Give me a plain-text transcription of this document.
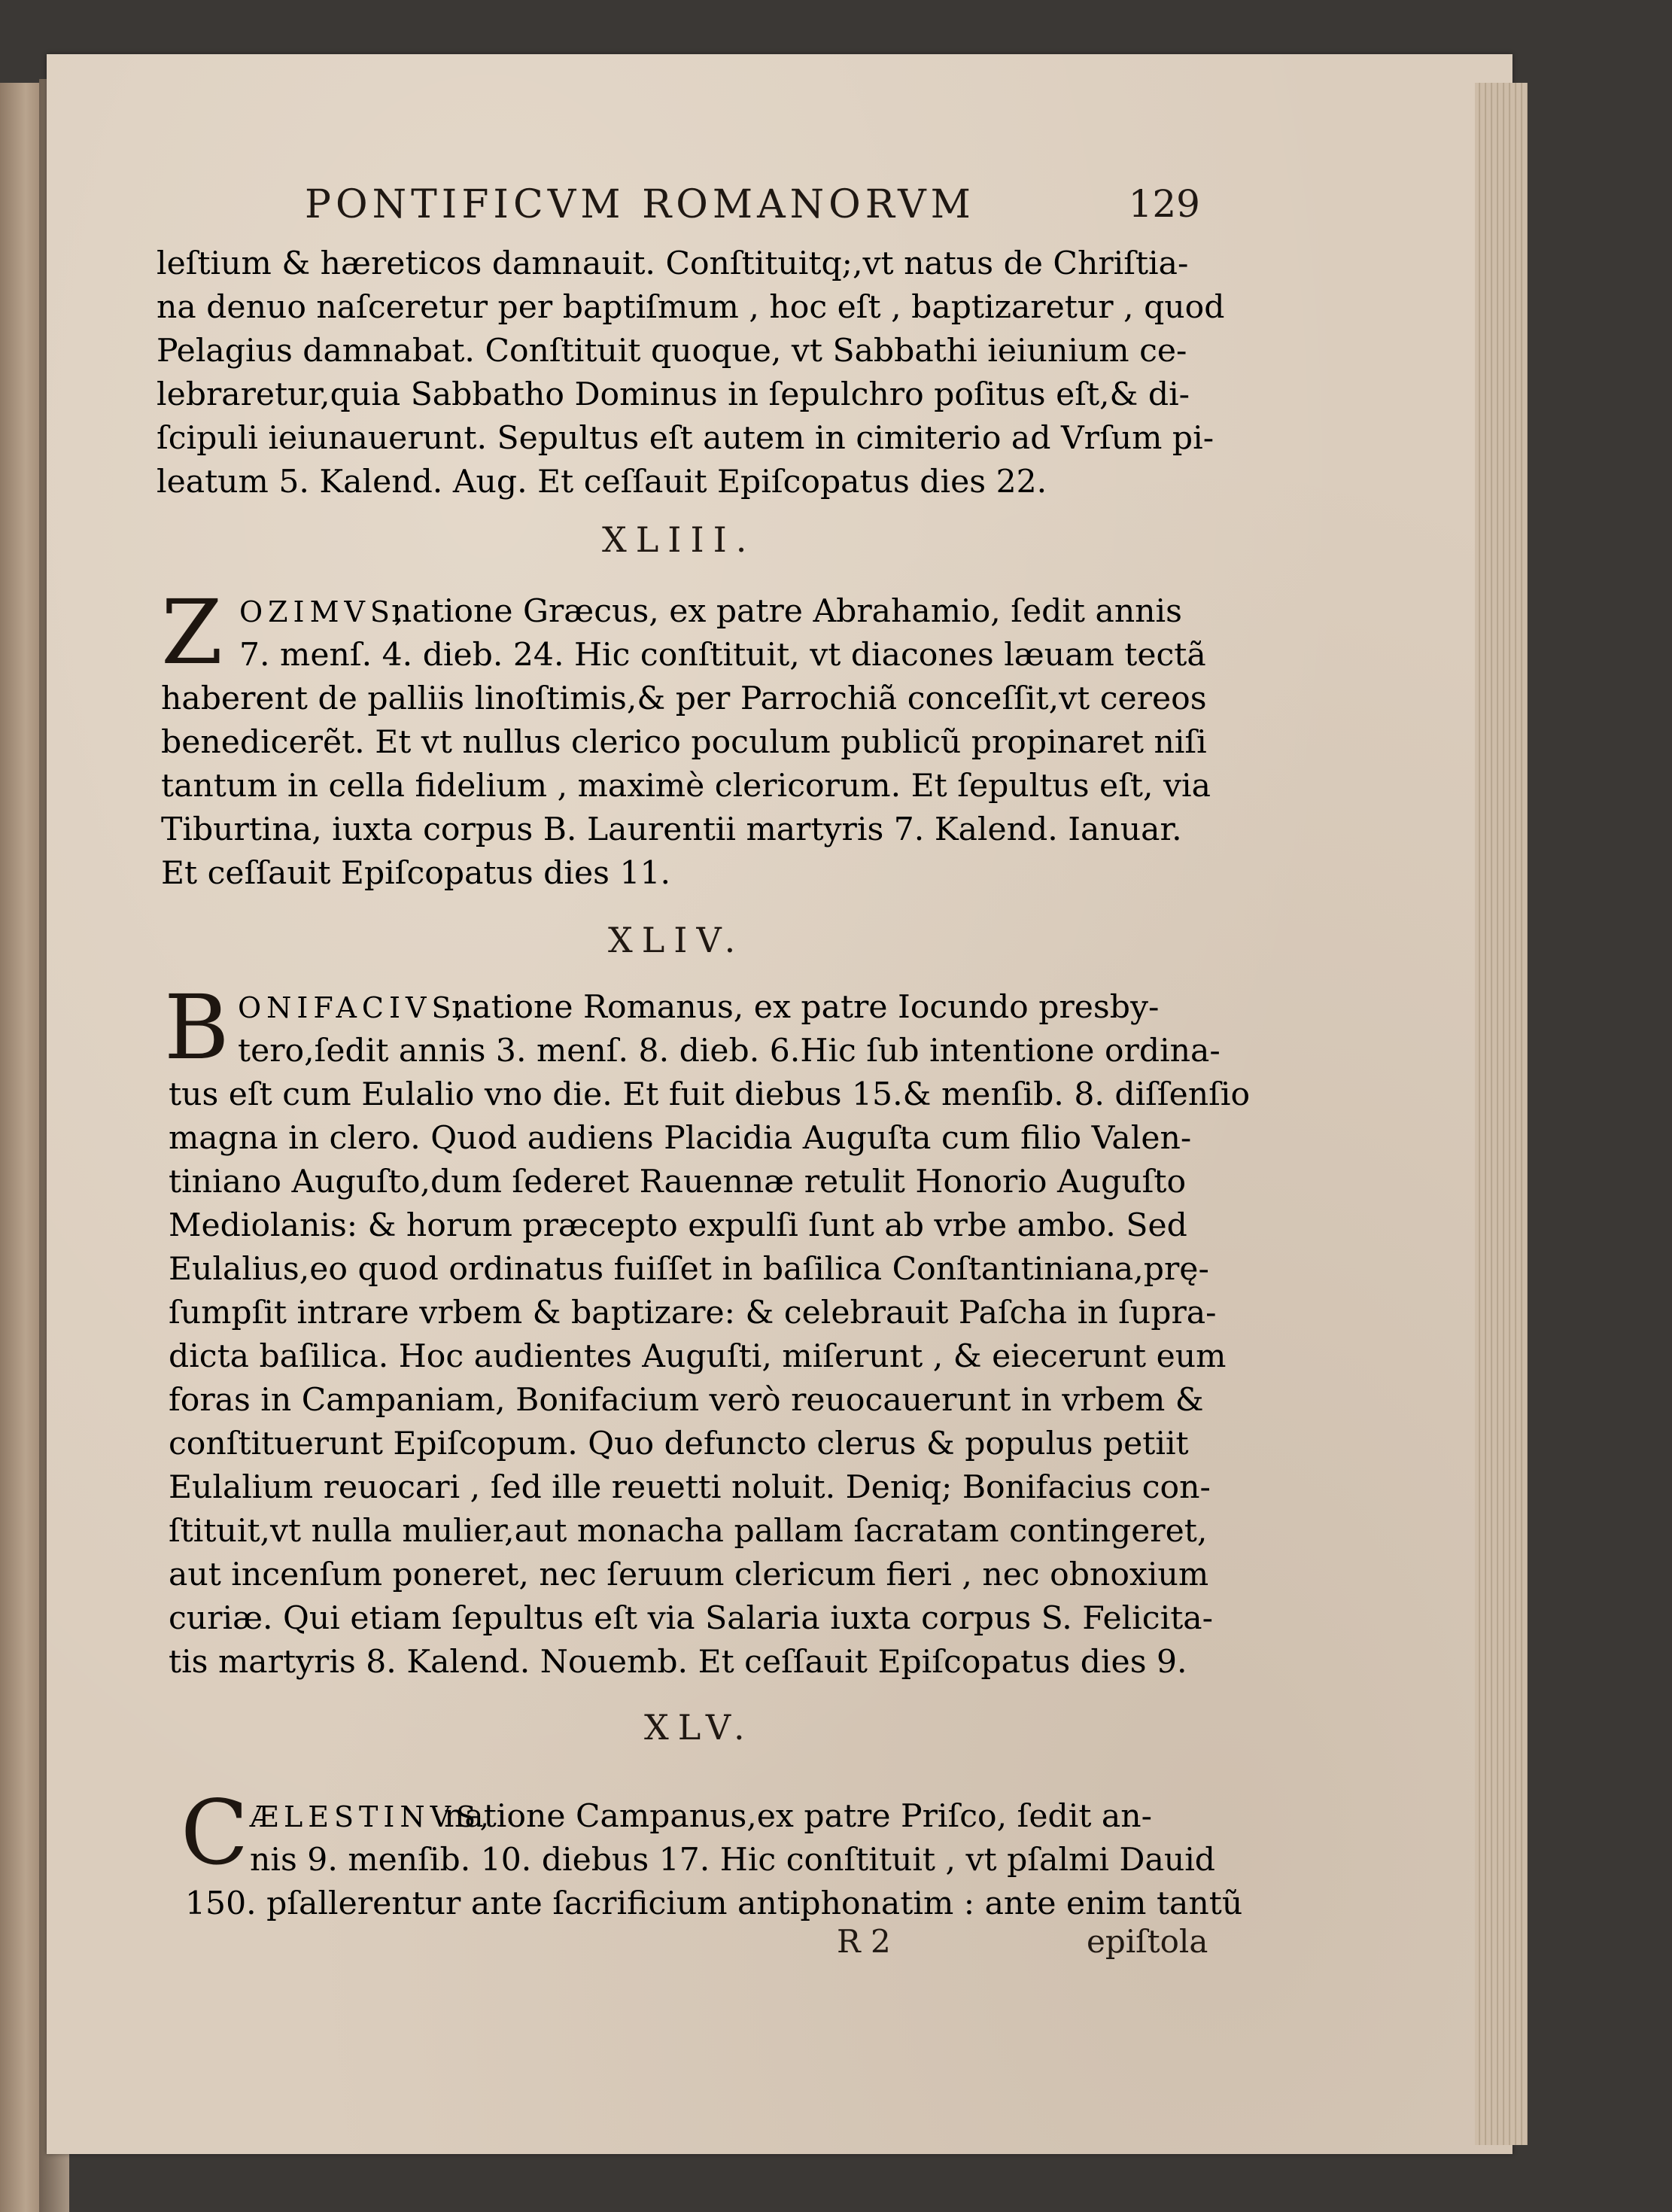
PONTIFICVM ROMANORVM	129
leſtium & hæreticos damnauit. Conſtituitq;,vt natus de Chriſtia-
na denuo naſceretur per baptiſmum , hoc eſt , baptizaretur , quod
Pelagius damnabat. Conſtituit quoque, vt Sabbathi ieiunium ce-
lebraretur,quia Sabbatho Dominus in ſepulchro poſitus eſt,& di-
ſcipuli ieiunauerunt. Sepultus eſt autem in cimiterio ad Vrſum pi-
leatum 5. Kalend. Aug. Et ceſſauit Epiſcopatus dies 22.
XLIII.
Z OZIMVS,
natione Græcus, ex patre Abrahamio, ſedit annis
7. menſ. 4. dieb. 24. Hic conſtituit, vt diacones læuam tectã
haberent de palliis linoſtimis,& per Parrochiã conceſſit,vt cereos
benedicerẽt. Et vt nullus clerico poculum publicũ propinaret niſi
tantum in cella fidelium , maximè clericorum. Et ſepultus eſt, via
Tiburtina, iuxta corpus B. Laurentii martyris 7. Kalend. Ianuar.
Et ceſſauit Epiſcopatus dies 11.
XLIV.
B ONIFACIVS,
natione Romanus, ex patre Iocundo presby-
tero,ſedit annis 3. menſ. 8. dieb. 6.Hic ſub intentione ordina-
tus eſt cum Eulalio vno die. Et fuit diebus 15.& menſib. 8. diſſenſio
magna in clero. Quod audiens Placidia Auguſta cum filio Valen-
tiniano Auguſto,dum ſederet Rauennæ retulit Honorio Auguſto
Mediolanis: & horum præcepto expulſi ſunt ab vrbe ambo. Sed
Eulalius,eo quod ordinatus fuiſſet in baſilica Conſtantiniana,prę-
ſumpſit intrare vrbem & baptizare: & celebrauit Paſcha in ſupra-
dicta baſilica. Hoc audientes Auguſti, miſerunt , & eiecerunt eum
foras in Campaniam, Bonifacium verò reuocauerunt in vrbem &
conſtituerunt Epiſcopum. Quo defuncto clerus & populus petiit
Eulalium reuocari , ſed ille reuetti noluit. Deniq; Bonifacius con-
ſtituit,vt nulla mulier,aut monacha pallam ſacratam contingeret,
aut incenſum poneret, nec ſeruum clericum fieri , nec obnoxium
curiæ. Qui etiam ſepultus eſt via Salaria iuxta corpus S. Felicita-
tis martyris 8. Kalend. Nouemb. Et ceſſauit Epiſcopatus dies 9.
XLV.
C ÆLESTINVS,
natione Campanus,ex patre Priſco, ſedit an-
nis 9. menſib. 10. diebus 17. Hic conſtituit , vt pſalmi Dauid
150. pſallerentur ante ſacrificium antiphonatim : ante enim tantũ
R 2	epiſtola
